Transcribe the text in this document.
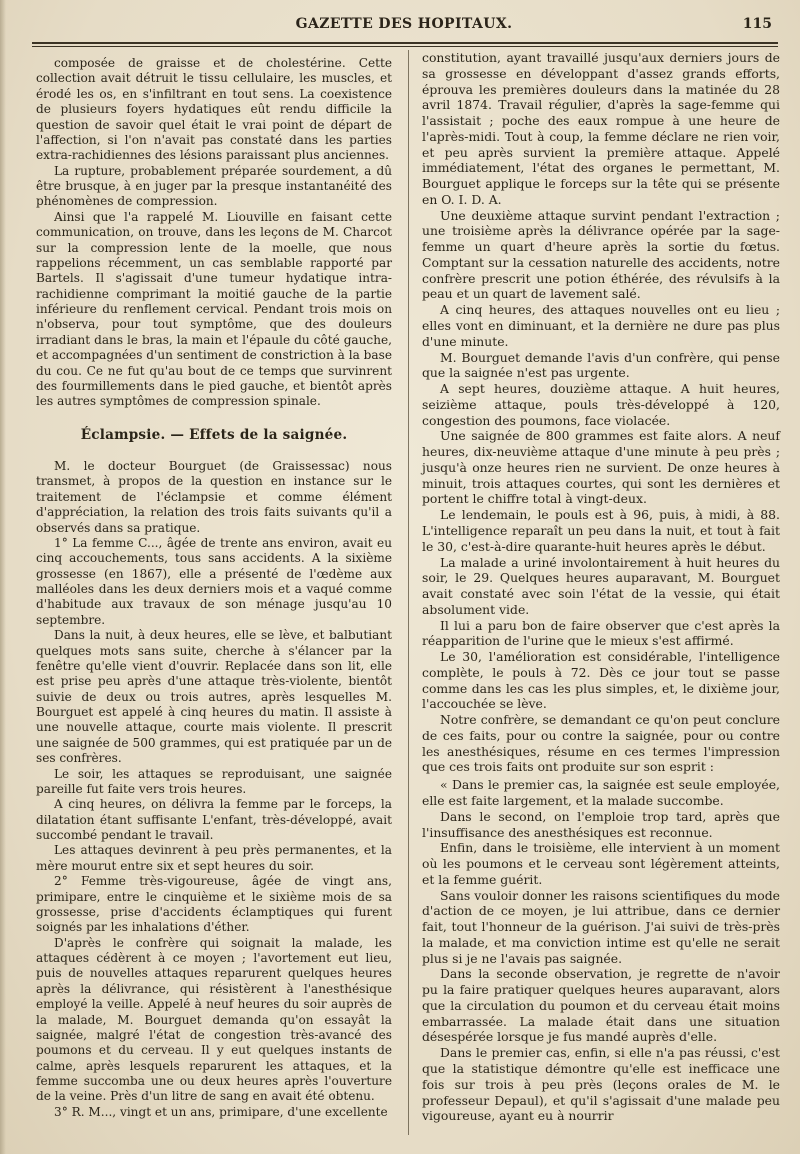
GAZETTE DES HOPITAUX.	115

composée de graisse et de cholestérine. Cette collection avait détruit le tissu cellulaire, les muscles, et érodé les os, en s'infiltrant en tout sens. La coexistence de plusieurs foyers hydatiques eût rendu difficile la question de savoir quel était le vrai point de départ de l'affection, si l'on n'avait pas constaté dans les parties extra-rachidiennes des lésions paraissant plus anciennes.

La rupture, probablement préparée sourdement, a dû être brusque, à en juger par la presque instantanéité des phénomènes de compression.

Ainsi que l'a rappelé M. Liouville en faisant cette communication, on trouve, dans les leçons de M. Charcot sur la compression lente de la moelle, que nous rappelions récemment, un cas semblable rapporté par Bartels. Il s'agissait d'une tumeur hydatique intra-rachidienne comprimant la moitié gauche de la partie inférieure du renflement cervical. Pendant trois mois on n'observa, pour tout symptôme, que des douleurs irradiant dans le bras, la main et l'épaule du côté gauche, et accompagnées d'un sentiment de constriction à la base du cou. Ce ne fut qu'au bout de ce temps que survinrent des fourmillements dans le pied gauche, et bientôt après les autres symptômes de compression spinale.

Éclampsie. — Effets de la saignée.

M. le docteur Bourguet (de Graissessac) nous transmet, à propos de la question en instance sur le traitement de l'éclampsie et comme élément d'appréciation, la relation des trois faits suivants qu'il a observés dans sa pratique.

1° La femme C..., âgée de trente ans environ, avait eu cinq accouchements, tous sans accidents. A la sixième grossesse (en 1867), elle a présenté de l'œdème aux malléoles dans les deux derniers mois et a vaqué comme d'habitude aux travaux de son ménage jusqu'au 10 septembre.

Dans la nuit, à deux heures, elle se lève, et balbutiant quelques mots sans suite, cherche à s'élancer par la fenêtre qu'elle vient d'ouvrir. Replacée dans son lit, elle est prise peu après d'une attaque très-violente, bientôt suivie de deux ou trois autres, après lesquelles M. Bourguet est appelé à cinq heures du matin. Il assiste à une nouvelle attaque, courte mais violente. Il prescrit une saignée de 500 grammes, qui est pratiquée par un de ses confrères.

Le soir, les attaques se reproduisant, une saignée pareille fut faite vers trois heures.

A cinq heures, on délivra la femme par le forceps, la dilatation étant suffisante L'enfant, très-développé, avait succombé pendant le travail.

Les attaques devinrent à peu près permanentes, et la mère mourut entre six et sept heures du soir.

2° Femme très-vigoureuse, âgée de vingt ans, primipare, entre le cinquième et le sixième mois de sa grossesse, prise d'accidents éclamptiques qui furent soignés par les inhalations d'éther.

D'après le confrère qui soignait la malade, les attaques cédèrent à ce moyen ; l'avortement eut lieu, puis de nouvelles attaques reparurent quelques heures après la délivrance, qui résistèrent à l'anesthésique employé la veille. Appelé à neuf heures du soir auprès de la malade, M. Bourguet demanda qu'on essayât la saignée, malgré l'état de congestion très-avancé des poumons et du cerveau. Il y eut quelques instants de calme, après lesquels reparurent les attaques, et la femme succomba une ou deux heures après l'ouverture de la veine. Près d'un litre de sang en avait été obtenu.

3° R. M..., vingt et un ans, primipare, d'une excellente

constitution, ayant travaillé jusqu'aux derniers jours de sa grossesse en développant d'assez grands efforts, éprouva les premières douleurs dans la matinée du 28 avril 1874. Travail régulier, d'après la sage-femme qui l'assistait ; poche des eaux rompue à une heure de l'après-midi. Tout à coup, la femme déclare ne rien voir, et peu après survient la première attaque. Appelé immédiatement, l'état des organes le permettant, M. Bourguet applique le forceps sur la tête qui se présente en O. I. D. A.

Une deuxième attaque survint pendant l'extraction ; une troisième après la délivrance opérée par la sage-femme un quart d'heure après la sortie du fœtus. Comptant sur la cessation naturelle des accidents, notre confrère prescrit une potion éthérée, des révulsifs à la peau et un quart de lavement salé.

A cinq heures, des attaques nouvelles ont eu lieu ; elles vont en diminuant, et la dernière ne dure pas plus d'une minute.

M. Bourguet demande l'avis d'un confrère, qui pense que la saignée n'est pas urgente.

A sept heures, douzième attaque. A huit heures, seizième attaque, pouls très-développé à 120, congestion des poumons, face violacée.

Une saignée de 800 grammes est faite alors. A neuf heures, dix-neuvième attaque d'une minute à peu près ; jusqu'à onze heures rien ne survient. De onze heures à minuit, trois attaques courtes, qui sont les dernières et portent le chiffre total à vingt-deux.

Le lendemain, le pouls est à 96, puis, à midi, à 88. L'intelligence reparaît un peu dans la nuit, et tout à fait le 30, c'est-à-dire quarante-huit heures après le début.

La malade a uriné involontairement à huit heures du soir, le 29. Quelques heures auparavant, M. Bourguet avait constaté avec soin l'état de la vessie, qui était absolument vide.

Il lui a paru bon de faire observer que c'est après la réapparition de l'urine que le mieux s'est affirmé.

Le 30, l'amélioration est considérable, l'intelligence complète, le pouls à 72. Dès ce jour tout se passe comme dans les cas les plus simples, et, le dixième jour, l'accouchée se lève.

Notre confrère, se demandant ce qu'on peut conclure de ces faits, pour ou contre la saignée, pour ou contre les anesthésiques, résume en ces termes l'impression que ces trois faits ont produite sur son esprit :

« Dans le premier cas, la saignée est seule employée, elle est faite largement, et la malade succombe.

Dans le second, on l'emploie trop tard, après que l'insuffisance des anesthésiques est reconnue.

Enfin, dans le troisième, elle intervient à un moment où les poumons et le cerveau sont légèrement atteints, et la femme guérit.

Sans vouloir donner les raisons scientifiques du mode d'action de ce moyen, je lui attribue, dans ce dernier fait, tout l'honneur de la guérison. J'ai suivi de très-près la malade, et ma conviction intime est qu'elle ne serait plus si je ne l'avais pas saignée.

Dans la seconde observation, je regrette de n'avoir pu la faire pratiquer quelques heures auparavant, alors que la circulation du poumon et du cerveau était moins embarrassée. La malade était dans une situation désespérée lorsque je fus mandé auprès d'elle.

Dans le premier cas, enfin, si elle n'a pas réussi, c'est que la statistique démontre qu'elle est inefficace une fois sur trois à peu près (leçons orales de M. le professeur Depaul), et qu'il s'agissait d'une malade peu vigoureuse, ayant eu à nourrir
